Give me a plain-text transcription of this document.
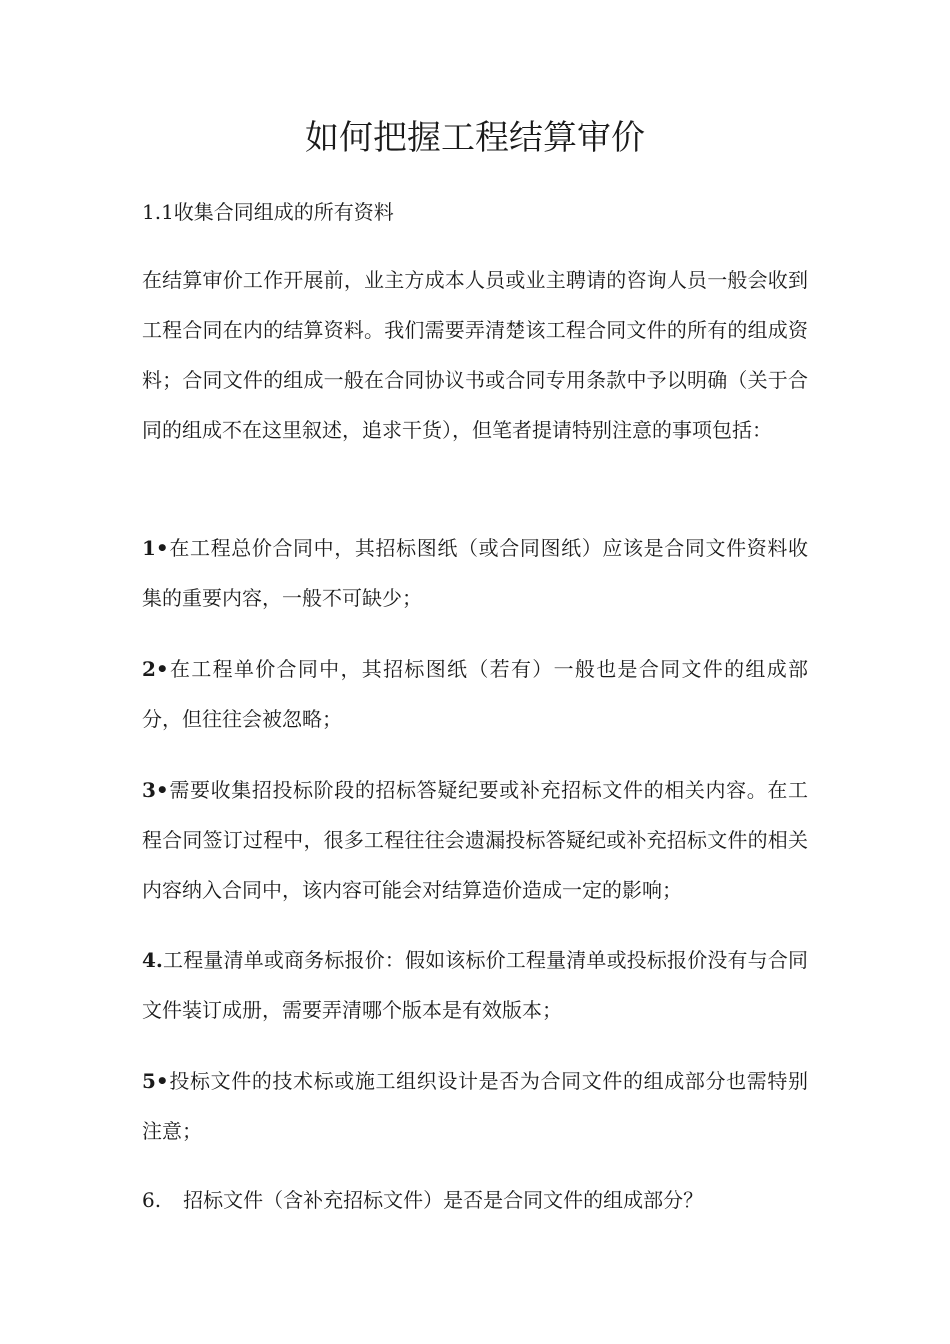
如何把握工程结算审价

1.1收集合同组成的所有资料

在结算审价工作开展前，业主方成本人员或业主聘请的咨询人员一般会收到工程合同在内的结算资料。我们需要弄清楚该工程合同文件的所有的组成资料；合同文件的组成一般在合同协议书或合同专用条款中予以明确（关于合同的组成不在这里叙述，追求干货），但笔者提请特别注意的事项包括：

1•在工程总价合同中，其招标图纸（或合同图纸）应该是合同文件资料收集的重要内容，一般不可缺少；

2•在工程单价合同中，其招标图纸（若有）一般也是合同文件的组成部分，但往往会被忽略；

3•需要收集招投标阶段的招标答疑纪要或补充招标文件的相关内容。在工程合同签订过程中，很多工程往往会遗漏投标答疑纪或补充招标文件的相关内容纳入合同中，该内容可能会对结算造价造成一定的影响；

4.工程量清单或商务标报价：假如该标价工程量清单或投标报价没有与合同文件装订成册，需要弄清哪个版本是有效版本；

5•投标文件的技术标或施工组织设计是否为合同文件的组成部分也需特别注意；

6. 招标文件（含补充招标文件）是否是合同文件的组成部分？
